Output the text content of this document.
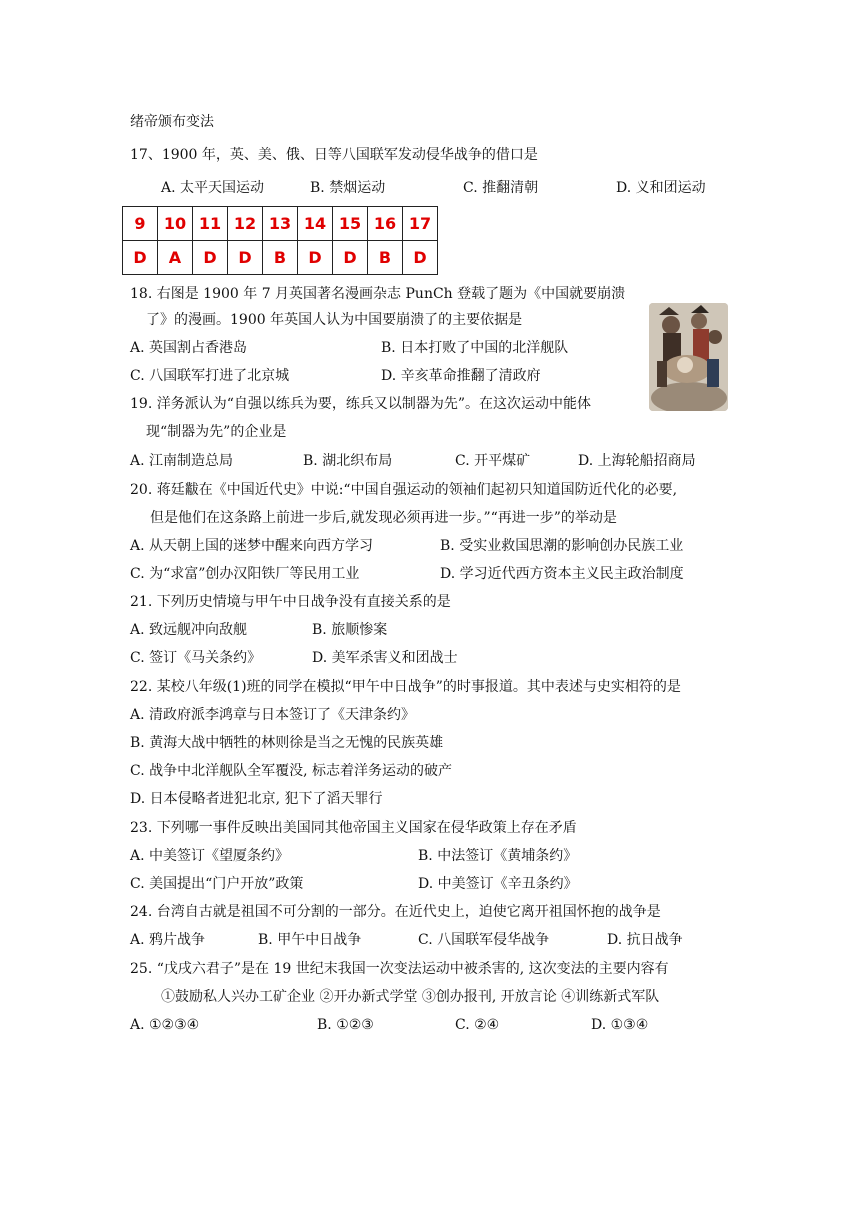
绪帝颁布变法
17、1900 年，英、美、俄、日等八国联军发动侵华战争的借口是
A. 太平天国运动	B. 禁烟运动	C. 推翻清朝	D. 义和团运动
9	10	11	12	13	14	15	16	17
D	A	D	D	B	D	D	B	D
18. 右图是 1900 年 7 月英国著名漫画杂志 PunCh 登载了题为《中国就要崩溃
了》的漫画。1900 年英国人认为中国要崩溃了的主要依据是
A. 英国割占香港岛	B. 日本打败了中国的北洋舰队
C. 八国联军打进了北京城	D. 辛亥革命推翻了清政府
19. 洋务派认为“自强以练兵为要，练兵又以制器为先”。在这次运动中能体
现“制器为先”的企业是
A. 江南制造总局	B. 湖北织布局	C. 开平煤矿	D. 上海轮船招商局
20. 蒋廷黻在《中国近代史》中说:“中国自强运动的领袖们起初只知道国防近代化的必要,
但是他们在这条路上前进一步后,就发现必须再进一步。”“再进一步”的举动是
A. 从天朝上国的迷梦中醒来向西方学习	B. 受实业救国思潮的影响创办民族工业
C. 为“求富”创办汉阳铁厂等民用工业	D. 学习近代西方资本主义民主政治制度
21. 下列历史情境与甲午中日战争没有直接关系的是
A. 致远舰冲向敌舰	B. 旅顺惨案
C. 签订《马关条约》	D. 美军杀害义和团战士
22. 某校八年级(1)班的同学在模拟“甲午中日战争”的时事报道。其中表述与史实相符的是
A. 清政府派李鸿章与日本签订了《天津条约》
B. 黄海大战中牺牲的林则徐是当之无愧的民族英雄
C. 战争中北洋舰队全军覆没, 标志着洋务运动的破产
D. 日本侵略者进犯北京, 犯下了滔天罪行
23. 下列哪一事件反映出美国同其他帝国主义国家在侵华政策上存在矛盾
A. 中美签订《望厦条约》	B. 中法签订《黄埔条约》
C. 美国提出“门户开放”政策	D. 中美签订《辛丑条约》
24. 台湾自古就是祖国不可分割的一部分。在近代史上，迫使它离开祖国怀抱的战争是
A. 鸦片战争	B. 甲午中日战争	C. 八国联军侵华战争	D. 抗日战争
25. “戊戌六君子”是在 19 世纪末我国一次变法运动中被杀害的, 这次变法的主要内容有
①鼓励私人兴办工矿企业 ②开办新式学堂 ③创办报刊, 开放言论 ④训练新式军队
A. ①②③④	B. ①②③	C. ②④	D. ①③④
